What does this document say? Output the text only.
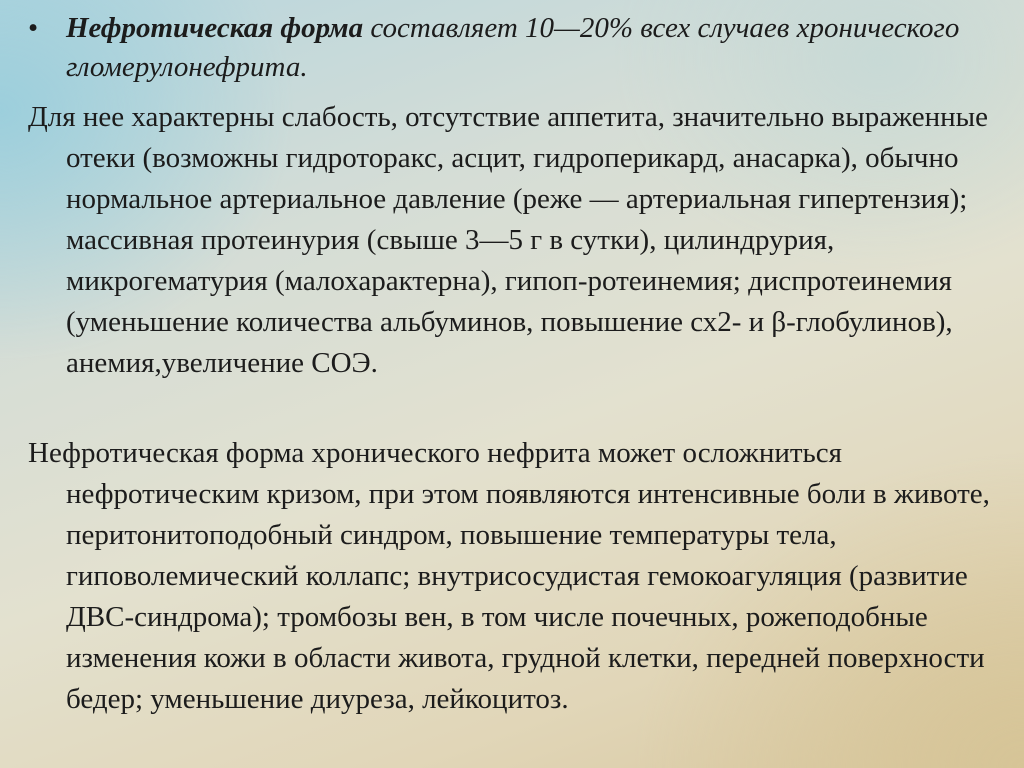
• Нефротическая форма составляет 10—20% всех случаев хронического гломерулонефрита.

Для нее характерны слабость, отсутствие аппетита, значительно выраженные отеки (возможны гидроторакс, асцит, гидроперикард, анасарка), обычно нормальное артериальное давление (реже — артериальная гипертензия); массивная протеинурия (свыше 3—5 г в сутки), цилиндрурия, микрогематурия (малохарактерна), гипоп-ротеинемия; диспротеинемия (уменьшение количества альбуминов, повышение сх2- и β-глобулинов), анемия,увеличение СОЭ.

Нефротическая форма хронического нефрита может осложниться нефротическим кризом, при этом появляются интенсивные боли в животе, перитонитоподобный синдром, повышение температуры тела, гиповолемический коллапс; внутрисосудистая гемокоагуляция (развитие ДВС-синдрома); тромбозы вен, в том числе почечных, рожеподобные изменения кожи в области живота, грудной клетки, передней поверхности бедер; уменьшение диуреза, лейкоцитоз.
